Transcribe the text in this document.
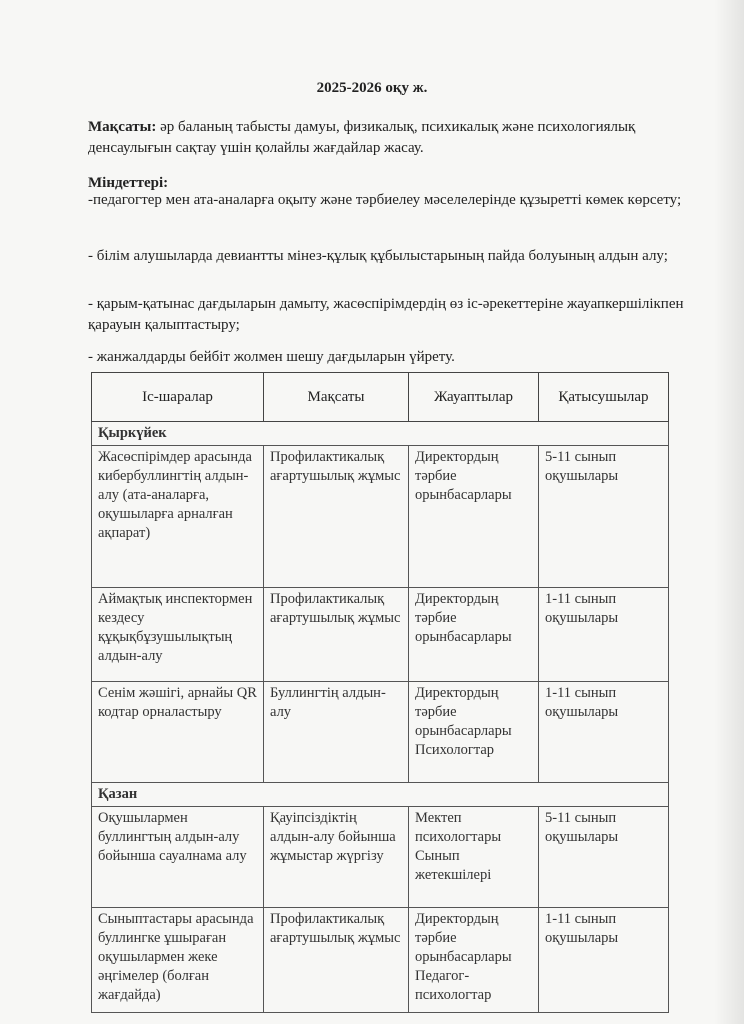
2025-2026 оқу ж.
Мақсаты: әр баланың табысты дамуы, физикалық, психикалық және психологиялық денсаулығын сақтау үшін қолайлы жағдайлар жасау.
Міндеттері:
-педагогтер мен ата-аналарға оқыту және тәрбиелеу мәселелерінде құзыретті көмек көрсету;
- білім алушыларда девиантты мінез-құлық құбылыстарының пайда болуының алдын алу;
- қарым-қатынас дағдыларын дамыту, жасөспірімдердің өз іс-әрекеттеріне жауапкершілікпен қарауын қалыптастыру;
- жанжалдарды бейбіт жолмен шешу дағдыларын үйрету.
Іс-шаралар	Мақсаты	Жауаптылар	Қатысушылар
Қыркүйек			
Жасөспірімдер арасында кибербуллингтің алдын-алу (ата-аналарға, оқушыларға арналған ақпарат)	Профилактикалық ағартушылық жұмыс	Директордың тәрбие орынбасарлары	5-11 сынып оқушылары
Аймақтық инспектормен кездесу құқықбұзушылықтың алдын-алу	Профилактикалық ағартушылық жұмыс	Директордың тәрбие орынбасарлары	1-11 сынып оқушылары
Сенім жәшігі, арнайы QR кодтар орналастыру	Буллингтің алдын-алу	Директордың тәрбие орынбасарлары Психологтар	1-11 сынып оқушылары
Қазан			
Оқушылармен буллингтың алдын-алу бойынша сауалнама алу	Қауіпсіздіктің алдын-алу бойынша жұмыстар жүргізу	Мектеп психологтары Сынып жетекшілері	5-11 сынып оқушылары
Сыныптастары арасында буллингке ұшыраған оқушылармен жеке әңгімелер (болған жағдайда)	Профилактикалық ағартушылық жұмыс	Директордың тәрбие орынбасарлары Педагог-психологтар	1-11 сынып оқушылары
